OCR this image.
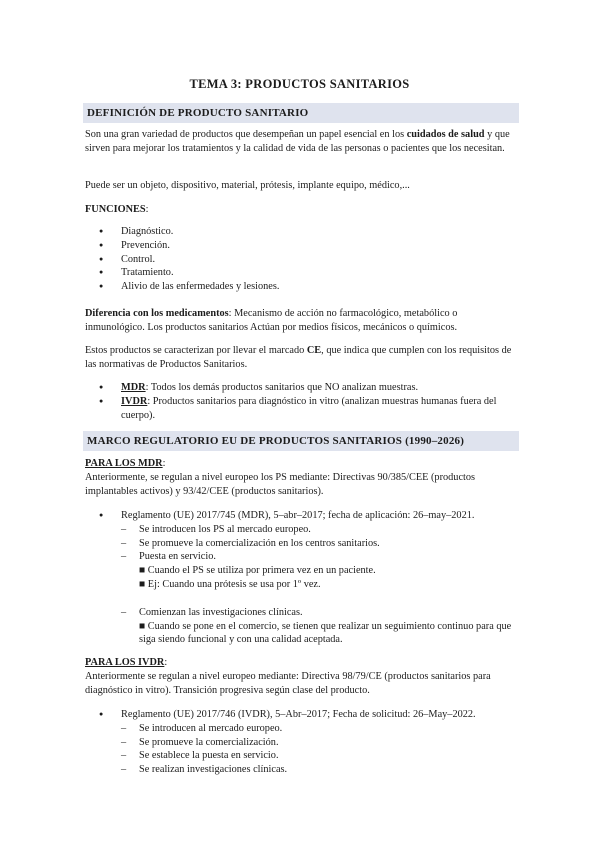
TEMA 3: PRODUCTOS SANITARIOS
DEFINICIÓN DE PRODUCTO SANITARIO
Son una gran variedad de productos que desempeñan un papel esencial en los cuidados de salud y que sirven para mejorar los tratamientos y la calidad de vida de las personas o pacientes que los necesitan.
Puede ser un objeto, dispositivo, material, prótesis, implante equipo, médico,...
FUNCIONES:
● Diagnóstico.
● Prevención.
● Control.
● Tratamiento.
● Alivio de las enfermedades y lesiones.
Diferencia con los medicamentos: Mecanismo de acción no farmacológico, metabólico o inmunológico. Los productos sanitarios Actúan por medios físicos, mecánicos o químicos.
Estos productos se caracterizan por llevar el marcado CE, que indica que cumplen con los requisitos de las normativas de Productos Sanitarios.
● MDR: Todos los demás productos sanitarios que NO analizan muestras.
● IVDR: Productos sanitarios para diagnóstico in vitro (analizan muestras humanas fuera del cuerpo).
MARCO REGULATORIO EU DE PRODUCTOS SANITARIOS (1990–2026)
PARA LOS MDR:
Anteriormente, se regulan a nivel europeo los PS mediante: Directivas 90/385/CEE (productos implantables activos) y 93/42/CEE (productos sanitarios).
● Reglamento (UE) 2017/745 (MDR), 5–abr–2017; fecha de aplicación: 26–may–2021.
– Se introducen los PS al mercado europeo.
– Se promueve la comercialización en los centros sanitarios.
– Puesta en servicio.
■ Cuando el PS se utiliza por primera vez en un paciente.
■ Ej: Cuando una prótesis se usa por 1º vez.
– Comienzan las investigaciones clínicas.
■ Cuando se pone en el comercio, se tienen que realizar un seguimiento continuo para que siga siendo funcional y con una calidad aceptada.
PARA LOS IVDR:
Anteriormente se regulan a nivel europeo mediante: Directiva 98/79/CE (productos sanitarios para diagnóstico in vitro). Transición progresiva según clase del producto.
● Reglamento (UE) 2017/746 (IVDR), 5–Abr–2017; Fecha de solicitud: 26–May–2022.
– Se introducen al mercado europeo.
– Se promueve la comercialización.
– Se establece la puesta en servicio.
– Se realizan investigaciones clínicas.
